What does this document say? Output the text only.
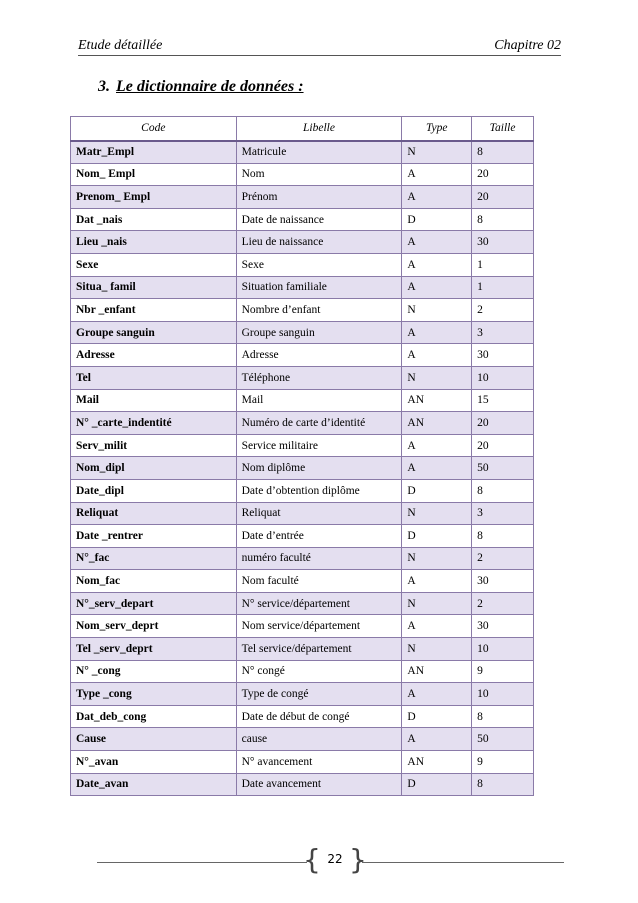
Etude détaillée	Chapitre 02
3. Le dictionnaire de données :
Code	Libelle	Type	Taille
Matr_Empl	Matricule	N	8
Nom_ Empl	Nom	A	20
Prenom_ Empl	Prénom	A	20
Dat _nais	Date de naissance	D	8
Lieu _nais	Lieu de naissance	A	30
Sexe	Sexe	A	1
Situa_ famil	Situation familiale	A	1
Nbr _enfant	Nombre d’enfant	N	2
Groupe sanguin	Groupe sanguin	A	3
Adresse	Adresse	A	30
Tel	Téléphone	N	10
Mail	Mail	AN	15
N° _carte_indentité	Numéro de carte d’identité	AN	20
Serv_milit	Service militaire	A	20
Nom_dipl	Nom diplôme	A	50
Date_dipl	Date d’obtention diplôme	D	8
Reliquat	Reliquat	N	3
Date _rentrer	Date d’entrée	D	8
N°_fac	numéro faculté	N	2
Nom_fac	Nom faculté	A	30
N°_serv_depart	N° service/département	N	2
Nom_serv_deprt	Nom service/département	A	30
Tel _serv_deprt	Tel service/département	N	10
N° _cong	N° congé	AN	9
Type _cong	Type de congé	A	10
Dat_deb_cong	Date de début de congé	D	8
Cause	cause	A	50
N°_avan	N° avancement	AN	9
Date_avan	Date avancement	D	8
{ 22 }
